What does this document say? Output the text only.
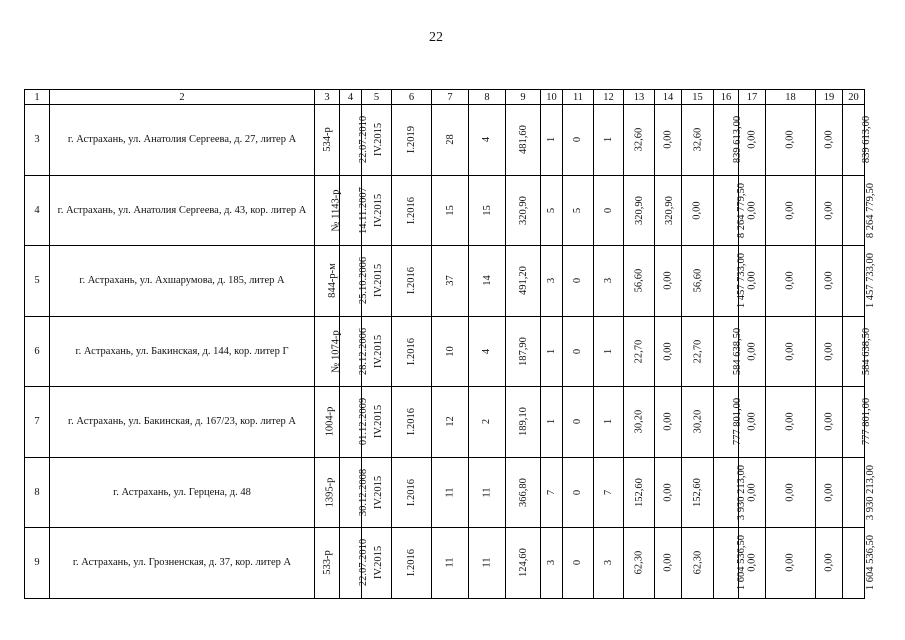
22
1	2	3	4	5	6	7	8	9	10	11	12	13	14	15	16	17	18	19	20
3	г. Астрахань, ул. Анатолия Сергеева, д. 27, литер А	534-р	22.07.2010	IV.2015	I.2019	28	4	481,60	1	0	1	32,60	0,00	32,60	839 613,00	0,00	0,00	0,00	839 613,00
4	г. Астрахань, ул. Анатолия Сергеева, д. 43, кор. литер А	№ 1143-р	14.11.2007	IV.2015	I.2016	15	15	320,90	5	5	0	320,90	320,90	0,00	8 264 779,50	0,00	0,00	0,00	8 264 779,50
5	г. Астрахань, ул. Ахшарумова, д. 185, литер А	844-р-м	25.10.2006	IV.2015	I.2016	37	14	491,20	3	0	3	56,60	0,00	56,60	1 457 733,00	0,00	0,00	0,00	1 457 733,00
6	г. Астрахань, ул. Бакинская, д. 144, кор. литер Г	№ 1074-р	28.12.2006	IV.2015	I.2016	10	4	187,90	1	0	1	22,70	0,00	22,70	584 638,50	0,00	0,00	0,00	584 638,50
7	г. Астрахань, ул. Бакинская, д. 167/23, кор. литер А	1004-р	01.12.2009	IV.2015	I.2016	12	2	189,10	1	0	1	30,20	0,00	30,20	777 801,00	0,00	0,00	0,00	777 801,00
8	г. Астрахань, ул. Герцена, д. 48	1395-р	30.12.2008	IV.2015	I.2016	11	11	366,80	7	0	7	152,60	0,00	152,60	3 930 213,00	0,00	0,00	0,00	3 930 213,00
9	г. Астрахань, ул. Грозненская, д. 37, кор. литер А	533-р	22.07.2010	IV.2015	I.2016	11	11	124,60	3	0	3	62,30	0,00	62,30	1 604 536,50	0,00	0,00	0,00	1 604 536,50
